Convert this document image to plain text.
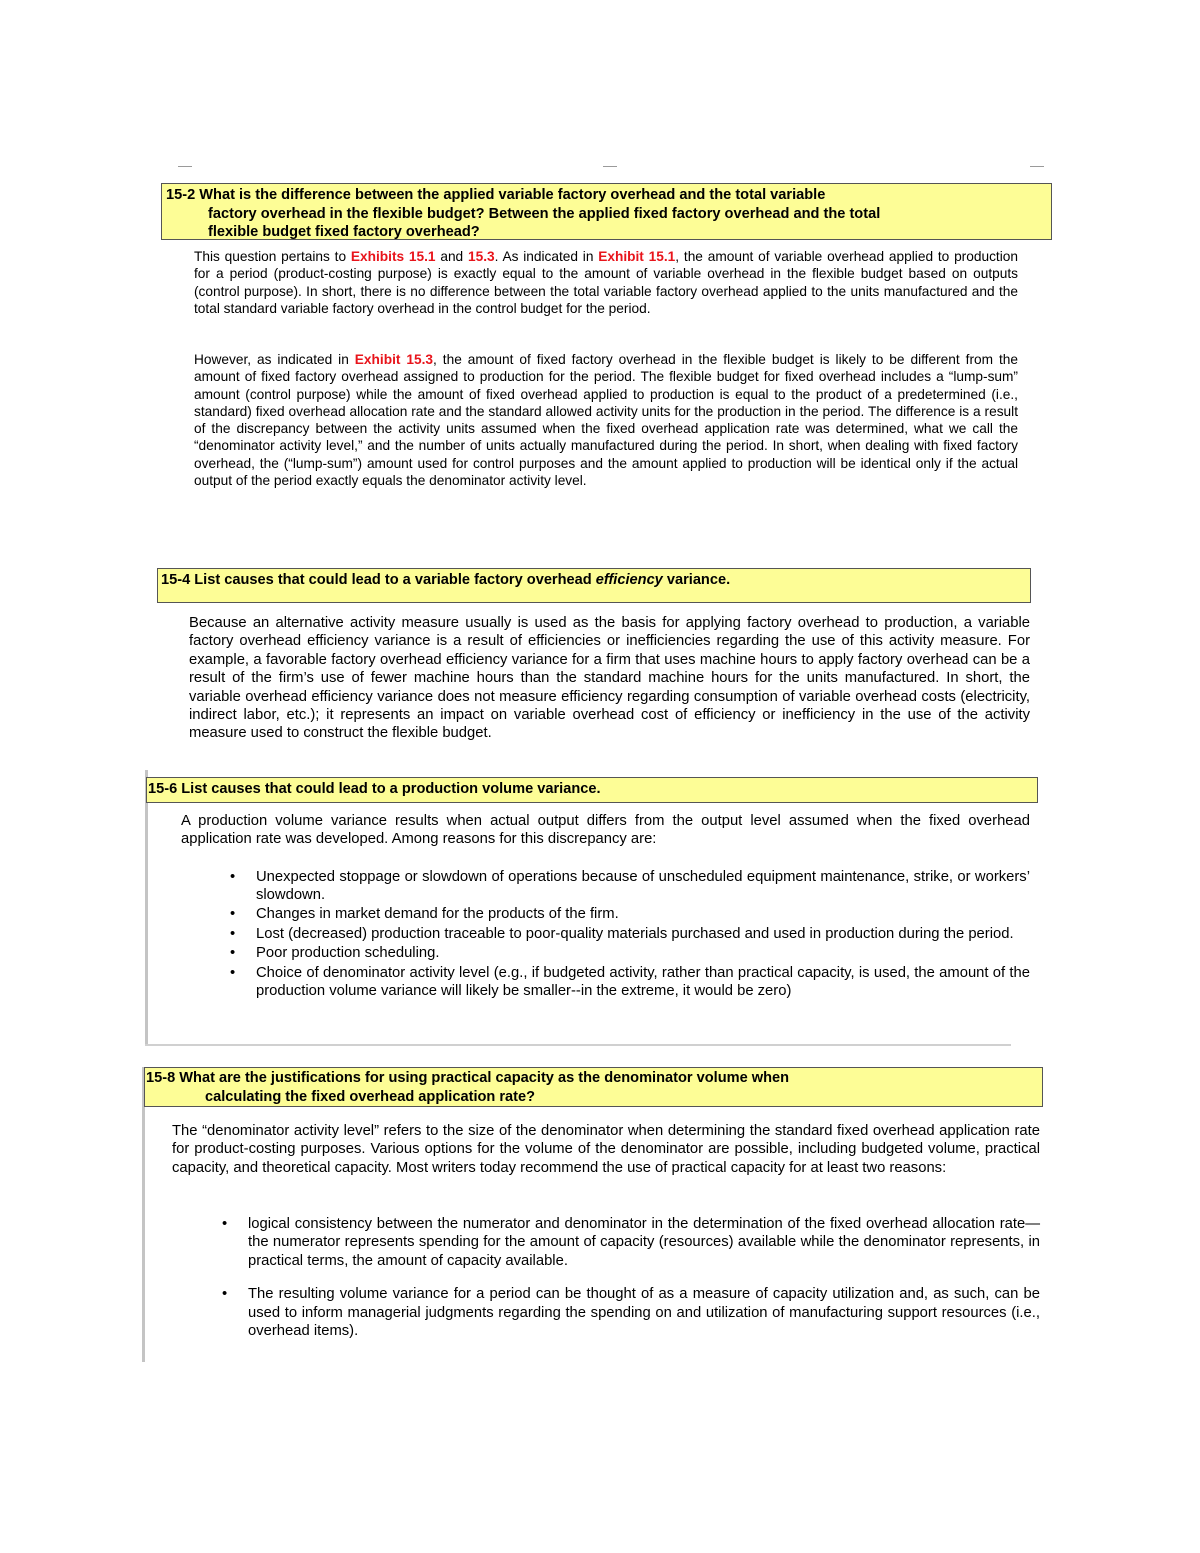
15-2 What is the difference between the applied variable factory overhead and the total variable
factory overhead in the flexible budget? Between the applied fixed factory overhead and the total
flexible budget fixed factory overhead?

This question pertains to Exhibits 15.1 and 15.3. As indicated in Exhibit 15.1, the amount of variable overhead applied to production for a period (product-costing purpose) is exactly equal to the amount of variable overhead in the flexible budget based on outputs (control purpose). In short, there is no difference between the total variable factory overhead applied to the units manufactured and the total standard variable factory overhead in the control budget for the period.

However, as indicated in Exhibit 15.3, the amount of fixed factory overhead in the flexible budget is likely to be different from the amount of fixed factory overhead assigned to production for the period. The flexible budget for fixed overhead includes a “lump-sum” amount (control purpose) while the amount of fixed overhead applied to production is equal to the product of a predetermined (i.e., standard) fixed overhead allocation rate and the standard allowed activity units for the production in the period. The difference is a result of the discrepancy between the activity units assumed when the fixed overhead application rate was determined, what we call the “denominator activity level,” and the number of units actually manufactured during the period. In short, when dealing with fixed factory overhead, the (“lump-sum”) amount used for control purposes and the amount applied to production will be identical only if the actual output of the period exactly equals the denominator activity level.

15-4 List causes that could lead to a variable factory overhead efficiency variance.

Because an alternative activity measure usually is used as the basis for applying factory overhead to production, a variable factory overhead efficiency variance is a result of efficiencies or inefficiencies regarding the use of this activity measure. For example, a favorable factory overhead efficiency variance for a firm that uses machine hours to apply factory overhead can be a result of the firm’s use of fewer machine hours than the standard machine hours for the units manufactured. In short, the variable overhead efficiency variance does not measure efficiency regarding consumption of variable overhead costs (electricity, indirect labor, etc.); it represents an impact on variable overhead cost of efficiency or inefficiency in the use of the activity measure used to construct the flexible budget.

15-6 List causes that could lead to a production volume variance.

A production volume variance results when actual output differs from the output level assumed when the fixed overhead application rate was developed. Among reasons for this discrepancy are:

•	Unexpected stoppage or slowdown of operations because of unscheduled equipment maintenance, strike, or workers’ slowdown.
•	Changes in market demand for the products of the firm.
•	Lost (decreased) production traceable to poor-quality materials purchased and used in production during the period.
•	Poor production scheduling.
•	Choice of denominator activity level (e.g., if budgeted activity, rather than practical capacity, is used, the amount of the production volume variance will likely be smaller--in the extreme, it would be zero)
15-8 What are the justifications for using practical capacity as the denominator volume when
calculating the fixed overhead application rate?

The “denominator activity level” refers to the size of the denominator when determining the standard fixed overhead application rate for product-costing purposes. Various options for the volume of the denominator are possible, including budgeted volume, practical capacity, and theoretical capacity. Most writers today recommend the use of practical capacity for at least two reasons:

•	logical consistency between the numerator and denominator in the determination of the fixed overhead allocation rate—the numerator represents spending for the amount of capacity (resources) available while the denominator represents, in practical terms, the amount of capacity available.
•	The resulting volume variance for a period can be thought of as a measure of capacity utilization and, as such, can be used to inform managerial judgments regarding the spending on and utilization of manufacturing support resources (i.e., overhead items).
